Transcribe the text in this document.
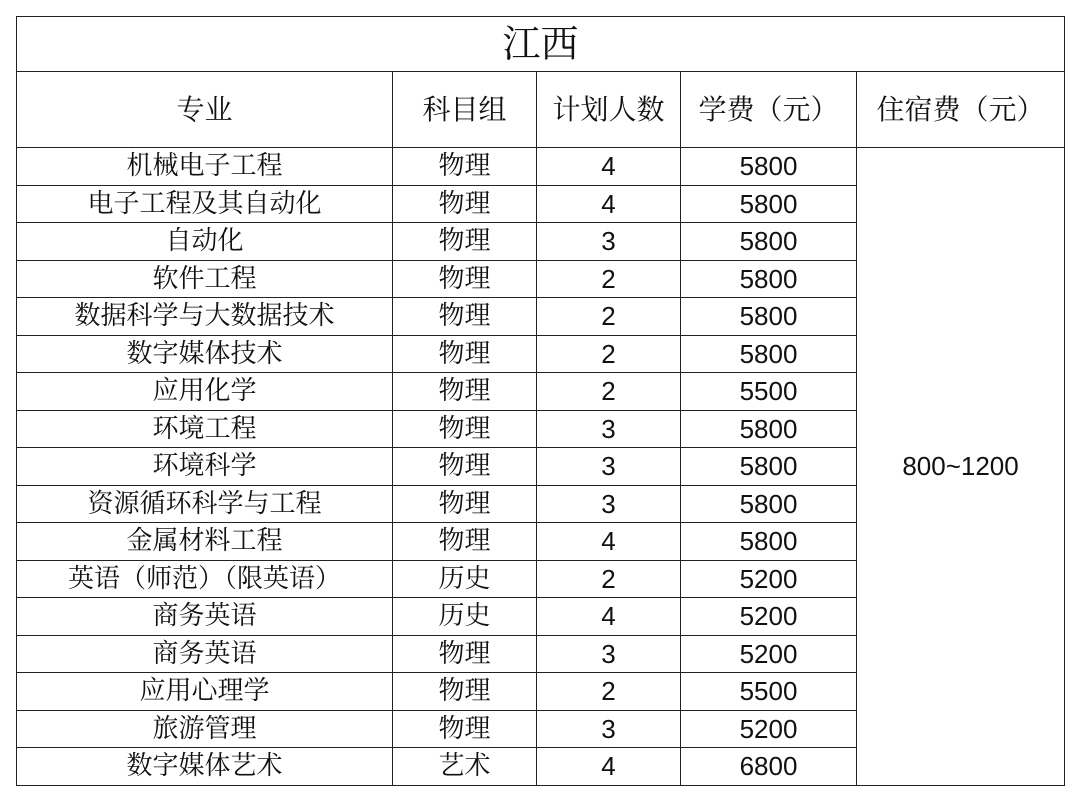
江西				
专业	科目组	计划人数	学费（元）	住宿费（元）
机械电子工程	物理	4	5800	800~1200
电子工程及其自动化	物理	4	5800	
自动化	物理	3	5800	
软件工程	物理	2	5800	
数据科学与大数据技术	物理	2	5800	
数字媒体技术	物理	2	5800	
应用化学	物理	2	5500	
环境工程	物理	3	5800	
环境科学	物理	3	5800	
资源循环科学与工程	物理	3	5800	
金属材料工程	物理	4	5800	
英语（师范）（限英语）	历史	2	5200	
商务英语	历史	4	5200	
商务英语	物理	3	5200	
应用心理学	物理	2	5500	
旅游管理	物理	3	5200	
数字媒体艺术	艺术	4	6800	
